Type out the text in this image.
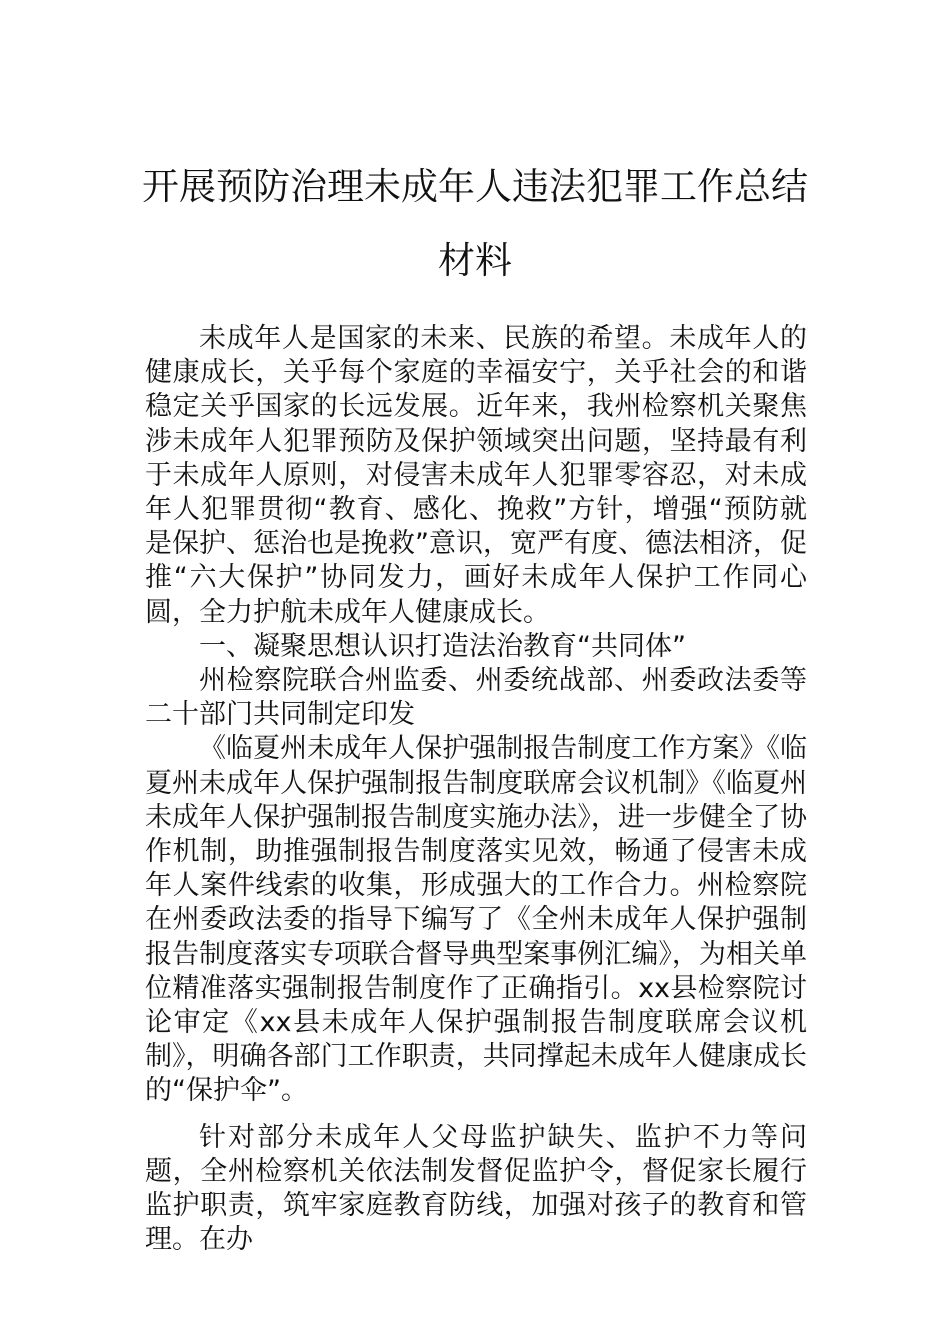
开展预防治理未成年人违法犯罪工作总结
材料

未成年人是国家的未来、民族的希望。未成年人的健康成长，关乎每个家庭的幸福安宁，关乎社会的和谐稳定关乎国家的长远发展。近年来，我州检察机关聚焦涉未成年人犯罪预防及保护领域突出问题，坚持最有利于未成年人原则，对侵害未成年人犯罪零容忍，对未成年人犯罪贯彻“教育、感化、挽救”方针，增强“预防就是保护、惩治也是挽救”意识，宽严有度、德法相济，促推“六大保护”协同发力，画好未成年人保护工作同心圆，全力护航未成年人健康成长。

一、凝聚思想认识打造法治教育“共同体”

州检察院联合州监委、州委统战部、州委政法委等二十部门共同制定印发

《临夏州未成年人保护强制报告制度工作方案》《临夏州未成年人保护强制报告制度联席会议机制》《临夏州未成年人保护强制报告制度实施办法》，进一步健全了协作机制，助推强制报告制度落实见效，畅通了侵害未成年人案件线索的收集，形成强大的工作合力。州检察院在州委政法委的指导下编写了《全州未成年人保护强制报告制度落实专项联合督导典型案事例汇编》，为相关单位精准落实强制报告制度作了正确指引。xx县检察院讨论审定《xx县未成年人保护强制报告制度联席会议机制》，明确各部门工作职责，共同撑起未成年人健康成长的“保护伞”。

针对部分未成年人父母监护缺失、监护不力等问题，全州检察机关依法制发督促监护令，督促家长履行监护职责，筑牢家庭教育防线，加强对孩子的教育和管理。在办
